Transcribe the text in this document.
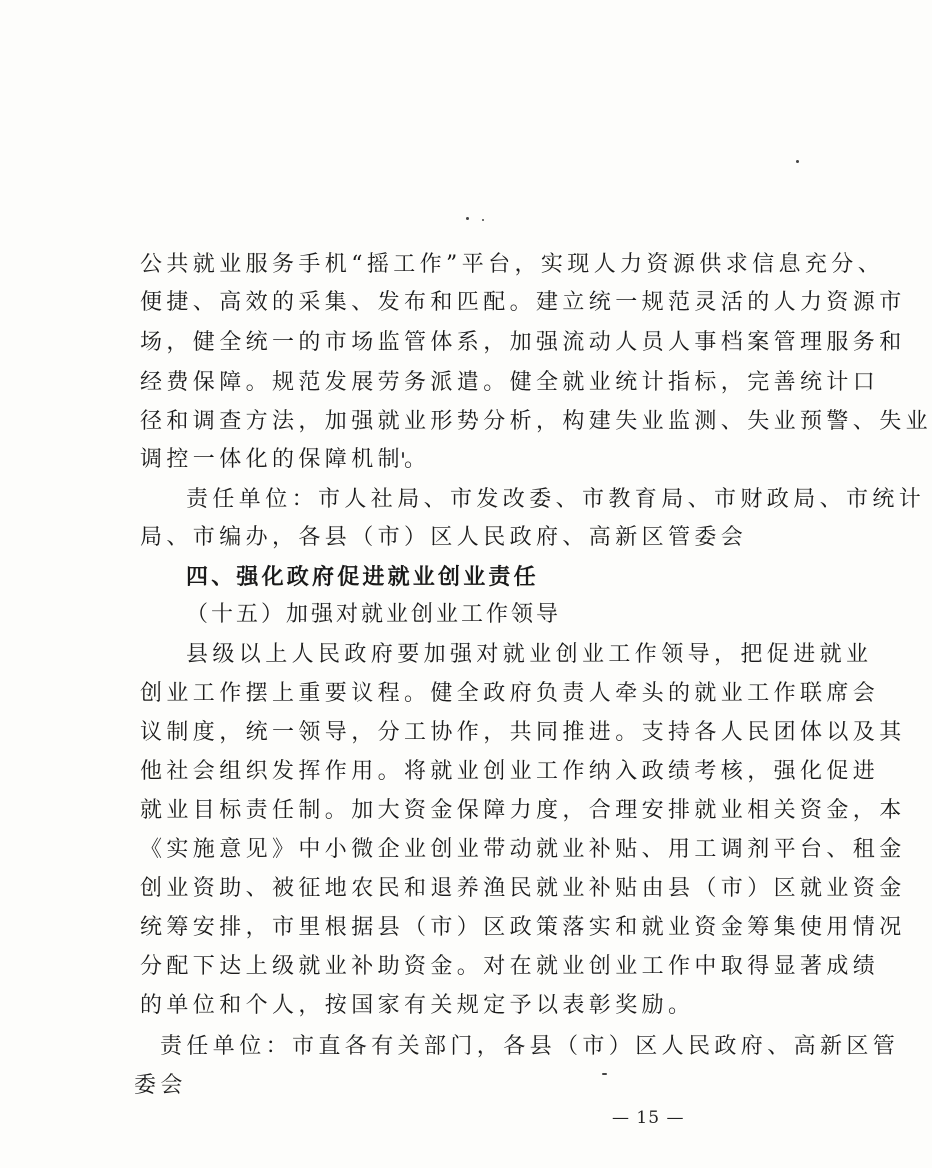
公共就业服务手机“摇工作”平台，实现人力资源供求信息充分、
便捷、高效的采集、发布和匹配。建立统一规范灵活的人力资源市
场，健全统一的市场监管体系，加强流动人员人事档案管理服务和
经费保障。规范发展劳务派遣。健全就业统计指标，完善统计口
径和调查方法，加强就业形势分析，构建失业监测、失业预警、失业
调控一体化的保障机制。
责任单位：市人社局、市发改委、市教育局、市财政局、市统计
局、市编办，各县（市）区人民政府、高新区管委会
四、强化政府促进就业创业责任
（十五）加强对就业创业工作领导
县级以上人民政府要加强对就业创业工作领导，把促进就业
创业工作摆上重要议程。健全政府负责人牵头的就业工作联席会
议制度，统一领导，分工协作，共同推进。支持各人民团体以及其
他社会组织发挥作用。将就业创业工作纳入政绩考核，强化促进
就业目标责任制。加大资金保障力度，合理安排就业相关资金，本
《实施意见》中小微企业创业带动就业补贴、用工调剂平台、租金
创业资助、被征地农民和退养渔民就业补贴由县（市）区就业资金
统筹安排，市里根据县（市）区政策落实和就业资金筹集使用情况
分配下达上级就业补助资金。对在就业创业工作中取得显著成绩
的单位和个人，按国家有关规定予以表彰奖励。
责任单位：市直各有关部门，各县（市）区人民政府、高新区管
委会
— 15 —
